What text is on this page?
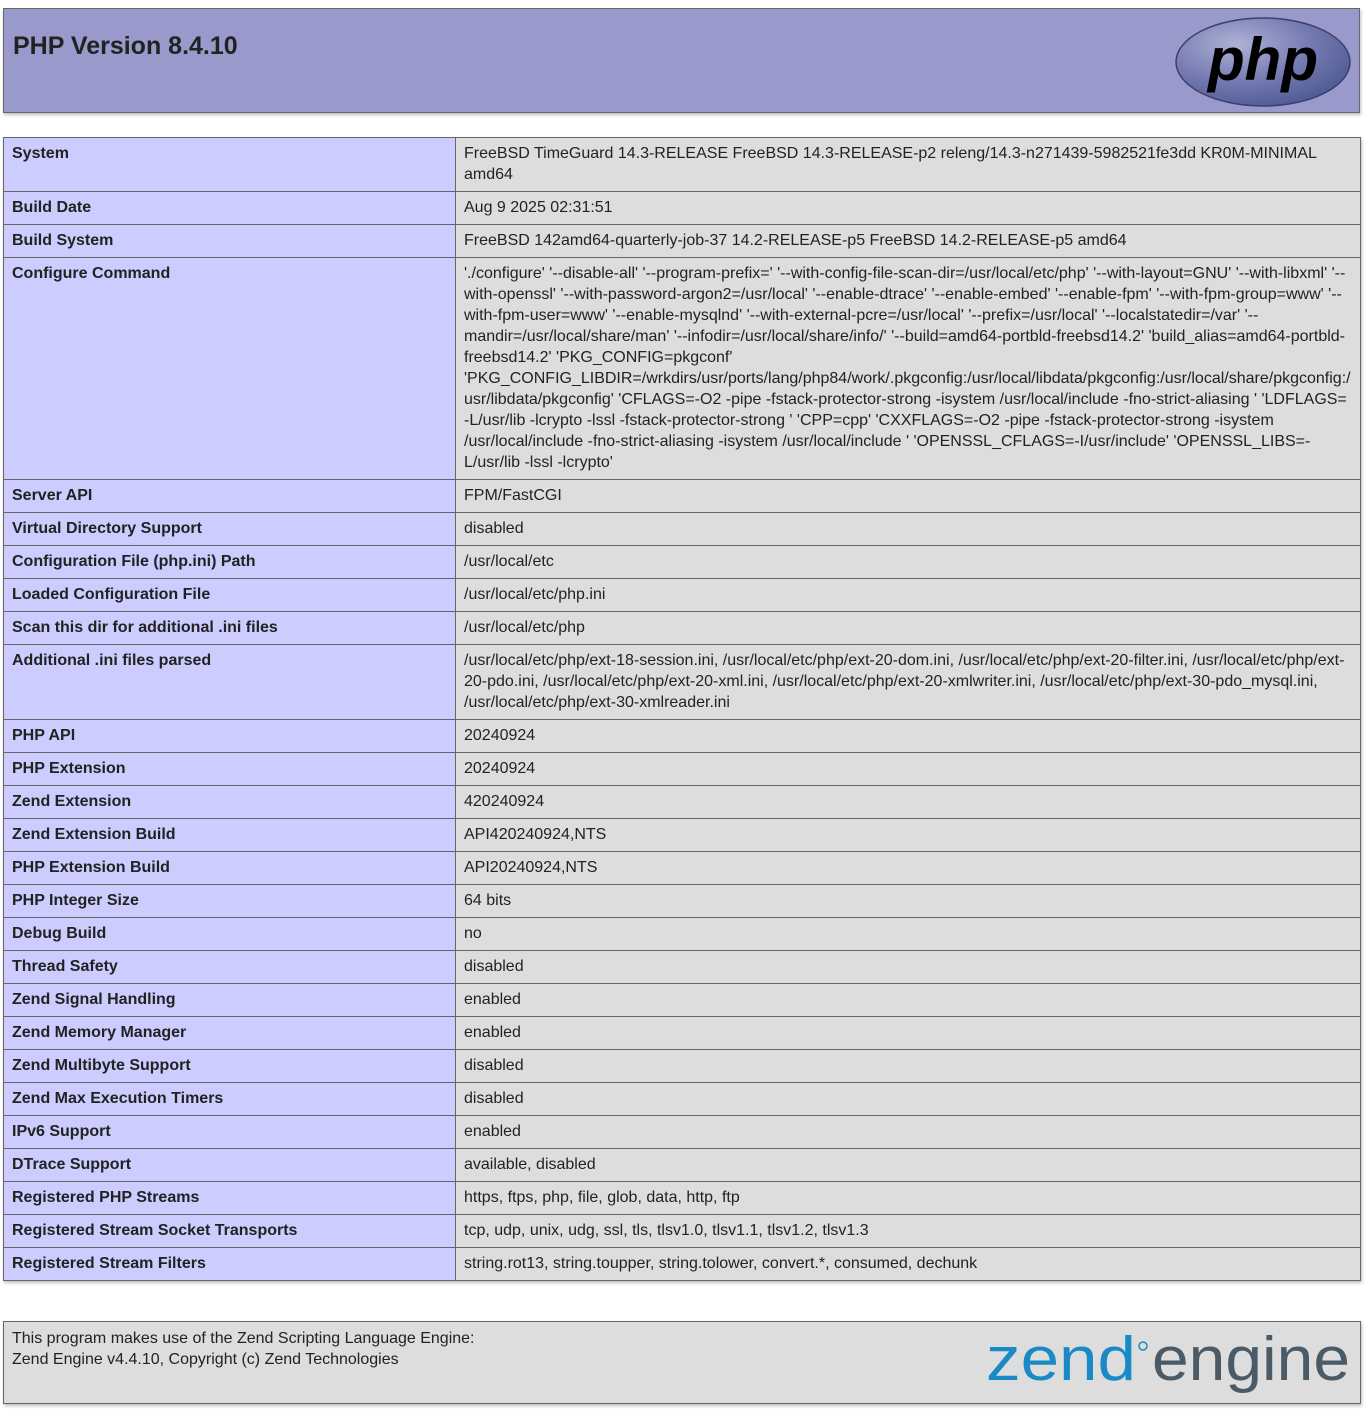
PHP Version 8.4.10	php
System	FreeBSD TimeGuard 14.3-RELEASE FreeBSD 14.3-RELEASE-p2 releng/14.3-n271439-5982521fe3dd KR0M-MINIMAL amd64
Build Date	Aug 9 2025 02:31:51
Build System	FreeBSD 142amd64-quarterly-job-37 14.2-RELEASE-p5 FreeBSD 14.2-RELEASE-p5 amd64
Configure Command	'./configure' '--disable-all' '--program-prefix=' '--with-config-file-scan-dir=/usr/local/etc/php' '--with-layout=GNU' '--with-libxml' '--with-openssl' '--with-password-argon2=/usr/local' '--enable-dtrace' '--enable-embed' '--enable-fpm' '--with-fpm-group=www' '--with-fpm-user=www' '--enable-mysqlnd' '--with-external-pcre=/usr/local' '--prefix=/usr/local' '--localstatedir=/var' '--mandir=/usr/local/share/man' '--infodir=/usr/local/share/info/' '--build=amd64-portbld-freebsd14.2' 'build_alias=amd64-portbld-freebsd14.2' 'PKG_CONFIG=pkgconf' 'PKG_CONFIG_LIBDIR=/wrkdirs/usr/ports/lang/php84/work/.pkgconfig:/usr/local/libdata/pkgconfig:/usr/local/share/pkgconfig:/usr/libdata/pkgconfig' 'CFLAGS=-O2 -pipe -fstack-protector-strong -isystem /usr/local/include -fno-strict-aliasing ' 'LDFLAGS= -L/usr/lib -lcrypto -lssl -fstack-protector-strong ' 'CPP=cpp' 'CXXFLAGS=-O2 -pipe -fstack-protector-strong -isystem /usr/local/include -fno-strict-aliasing -isystem /usr/local/include ' 'OPENSSL_CFLAGS=-I/usr/include' 'OPENSSL_LIBS=-L/usr/lib -lssl -lcrypto'
Server API	FPM/FastCGI
Virtual Directory Support	disabled
Configuration File (php.ini) Path	/usr/local/etc
Loaded Configuration File	/usr/local/etc/php.ini
Scan this dir for additional .ini files	/usr/local/etc/php
Additional .ini files parsed	/usr/local/etc/php/ext-18-session.ini, /usr/local/etc/php/ext-20-dom.ini, /usr/local/etc/php/ext-20-filter.ini, /usr/local/etc/php/ext-20-pdo.ini, /usr/local/etc/php/ext-20-xml.ini, /usr/local/etc/php/ext-20-xmlwriter.ini, /usr/local/etc/php/ext-30-pdo_mysql.ini, /usr/local/etc/php/ext-30-xmlreader.ini
PHP API	20240924
PHP Extension	20240924
Zend Extension	420240924
Zend Extension Build	API420240924,NTS
PHP Extension Build	API20240924,NTS
PHP Integer Size	64 bits
Debug Build	no
Thread Safety	disabled
Zend Signal Handling	enabled
Zend Memory Manager	enabled
Zend Multibyte Support	disabled
Zend Max Execution Timers	disabled
IPv6 Support	enabled
DTrace Support	available, disabled
Registered PHP Streams	https, ftps, php, file, glob, data, http, ftp
Registered Stream Socket Transports	tcp, udp, unix, udg, ssl, tls, tlsv1.0, tlsv1.1, tlsv1.2, tlsv1.3
Registered Stream Filters	string.rot13, string.toupper, string.tolower, convert.*, consumed, dechunk
This program makes use of the Zend Scripting Language Engine:
Zend Engine v4.4.10, Copyright (c) Zend Technologies	zend engine
